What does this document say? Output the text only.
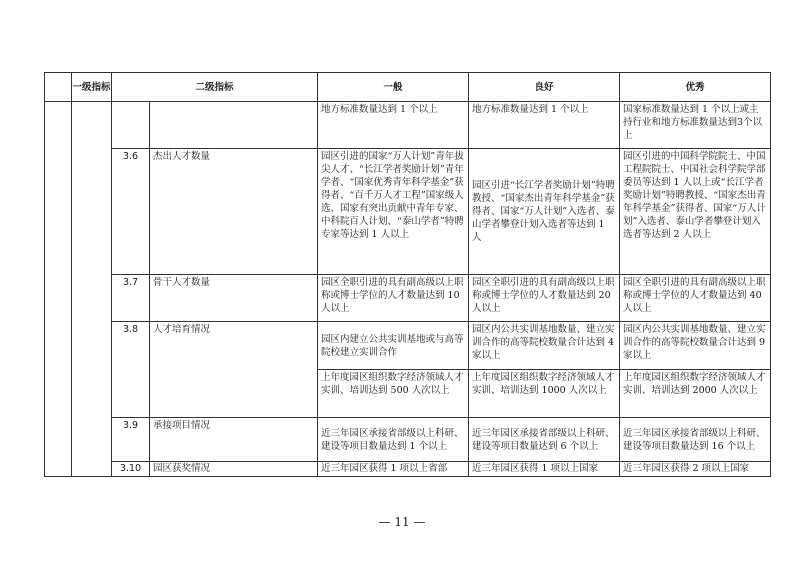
	一级指标	二级指标		一般	良好	优秀
				地方标准数量达到 1 个以上	地方标准数量达到 1 个以上	国家标准数量达到 1 个以上或主持行业和地方标准数量达到3个以上
		3.6	杰出人才数量	园区引进的国家“万人计划”青年拔尖人才、“长江学者奖励计划”青年学者、“国家优秀青年科学基金”获得者、“百千万人才工程”国家级人选、国家有突出贡献中青年专家、中科院百人计划、“泰山学者”特聘专家等达到 1 人以上	园区引进“长江学者奖励计划”特聘教授、“国家杰出青年科学基金”获得者、国家“万人计划”入选者、泰山学者攀登计划入选者等达到 1 人	园区引进的中国科学院院士、中国工程院院士、中国社会科学院学部委员等达到 1 人以上或“长江学者奖励计划”特聘教授、“国家杰出青年科学基金”获得者、国家“万人计划”入选者、泰山学者攀登计划入选者等达到 2 人以上
		3.7	骨干人才数量	园区全职引进的具有副高级以上职称或博士学位的人才数量达到 10 人以上	园区全职引进的具有副高级以上职称或博士学位的人才数量达到 20 人以上	园区全职引进的具有副高级以上职称或博士学位的人才数量达到 40 人以上
		3.8	人才培育情况	园区内建立公共实训基地或与高等院校建立实训合作	园区内公共实训基地数量、建立实训合作的高等院校数量合计达到 4 家以上	园区内公共实训基地数量、建立实训合作的高等院校数量合计达到 9 家以上
				上年度园区组织数字经济领域人才实训、培训达到 500 人次以上	上年度园区组织数字经济领域人才实训、培训达到 1000 人次以上	上年度园区组织数字经济领域人才实训、培训达到 2000 人次以上
		3.9	承接项目情况	近三年园区承接省部级以上科研、建设等项目数量达到 1 个以上	近三年园区承接省部级以上科研、建设等项目数量达到 6 个以上	近三年园区承接省部级以上科研、建设等项目数量达到 16 个以上
		3.10	园区获奖情况	近三年园区获得 1 项以上省部	近三年园区获得 1 项以上国家	近三年园区获得 2 项以上国家
— 11 —
